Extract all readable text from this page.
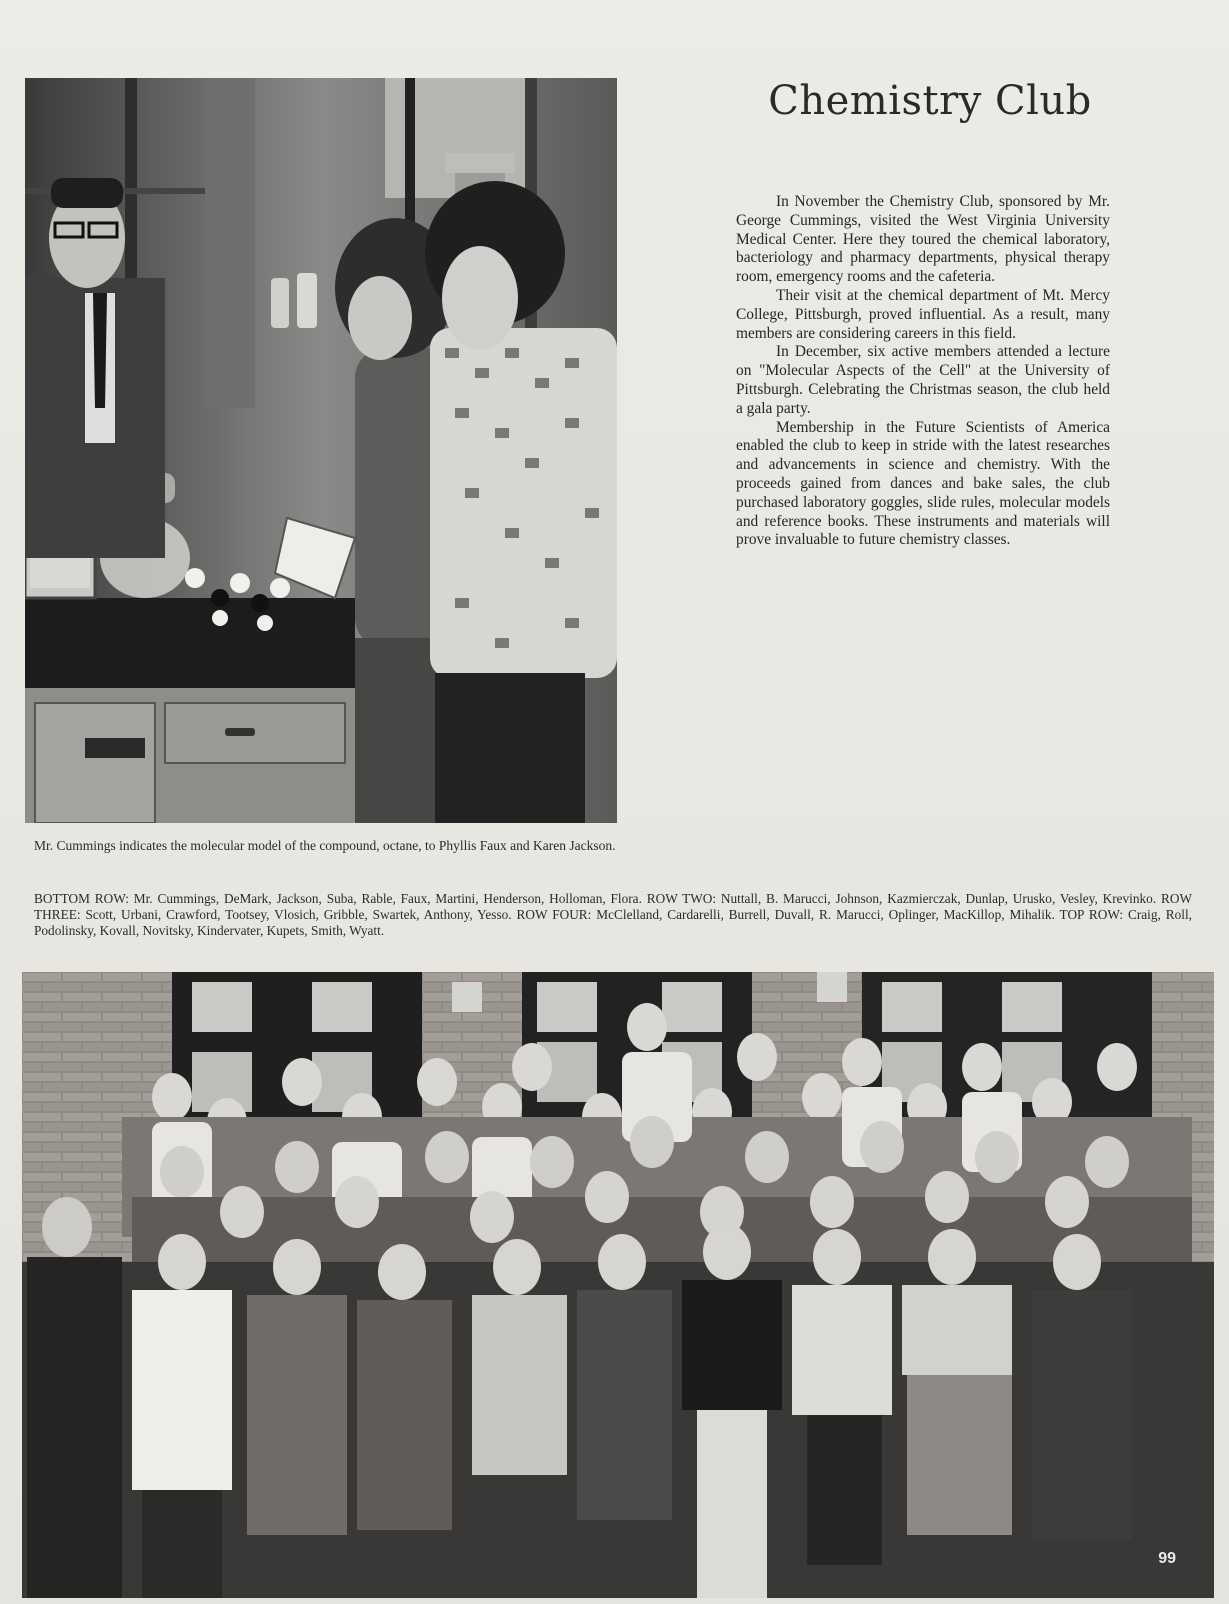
Chemistry Club

In November the Chemistry Club, sponsored by Mr. George Cummings, visited the West Virginia University Medical Center. Here they toured the chemical laboratory, bacteriology and pharmacy departments, physical therapy room, emergency rooms and the cafeteria.

Their visit at the chemical department of Mt. Mercy College, Pittsburgh, proved influential. As a result, many members are considering careers in this field.

In December, six active members attended a lecture on "Molecular Aspects of the Cell" at the University of Pittsburgh. Celebrating the Christmas season, the club held a gala party.

Membership in the Future Scientists of America enabled the club to keep in stride with the latest researches and advancements in science and chemistry. With the proceeds gained from dances and bake sales, the club purchased laboratory goggles, slide rules, molecular models and reference books. These instruments and materials will prove invaluable to future chemistry classes.

Mr. Cummings indicates the molecular model of the compound, octane, to Phyllis Faux and Karen Jackson.

BOTTOM ROW: Mr. Cummings, DeMark, Jackson, Suba, Rable, Faux, Martini, Henderson, Holloman, Flora. ROW TWO: Nuttall, B. Marucci, Johnson, Kazmierczak, Dunlap, Urusko, Vesley, Krevinko. ROW THREE: Scott, Urbani, Crawford, Tootsey, Vlosich, Gribble, Swartek, Anthony, Yesso. ROW FOUR: McClelland, Cardarelli, Burrell, Duvall, R. Marucci, Oplinger, MacKillop, Mihalik. TOP ROW: Craig, Roll, Podolinsky, Kovall, Novitsky, Kindervater, Kupets, Smith, Wyatt.

99
